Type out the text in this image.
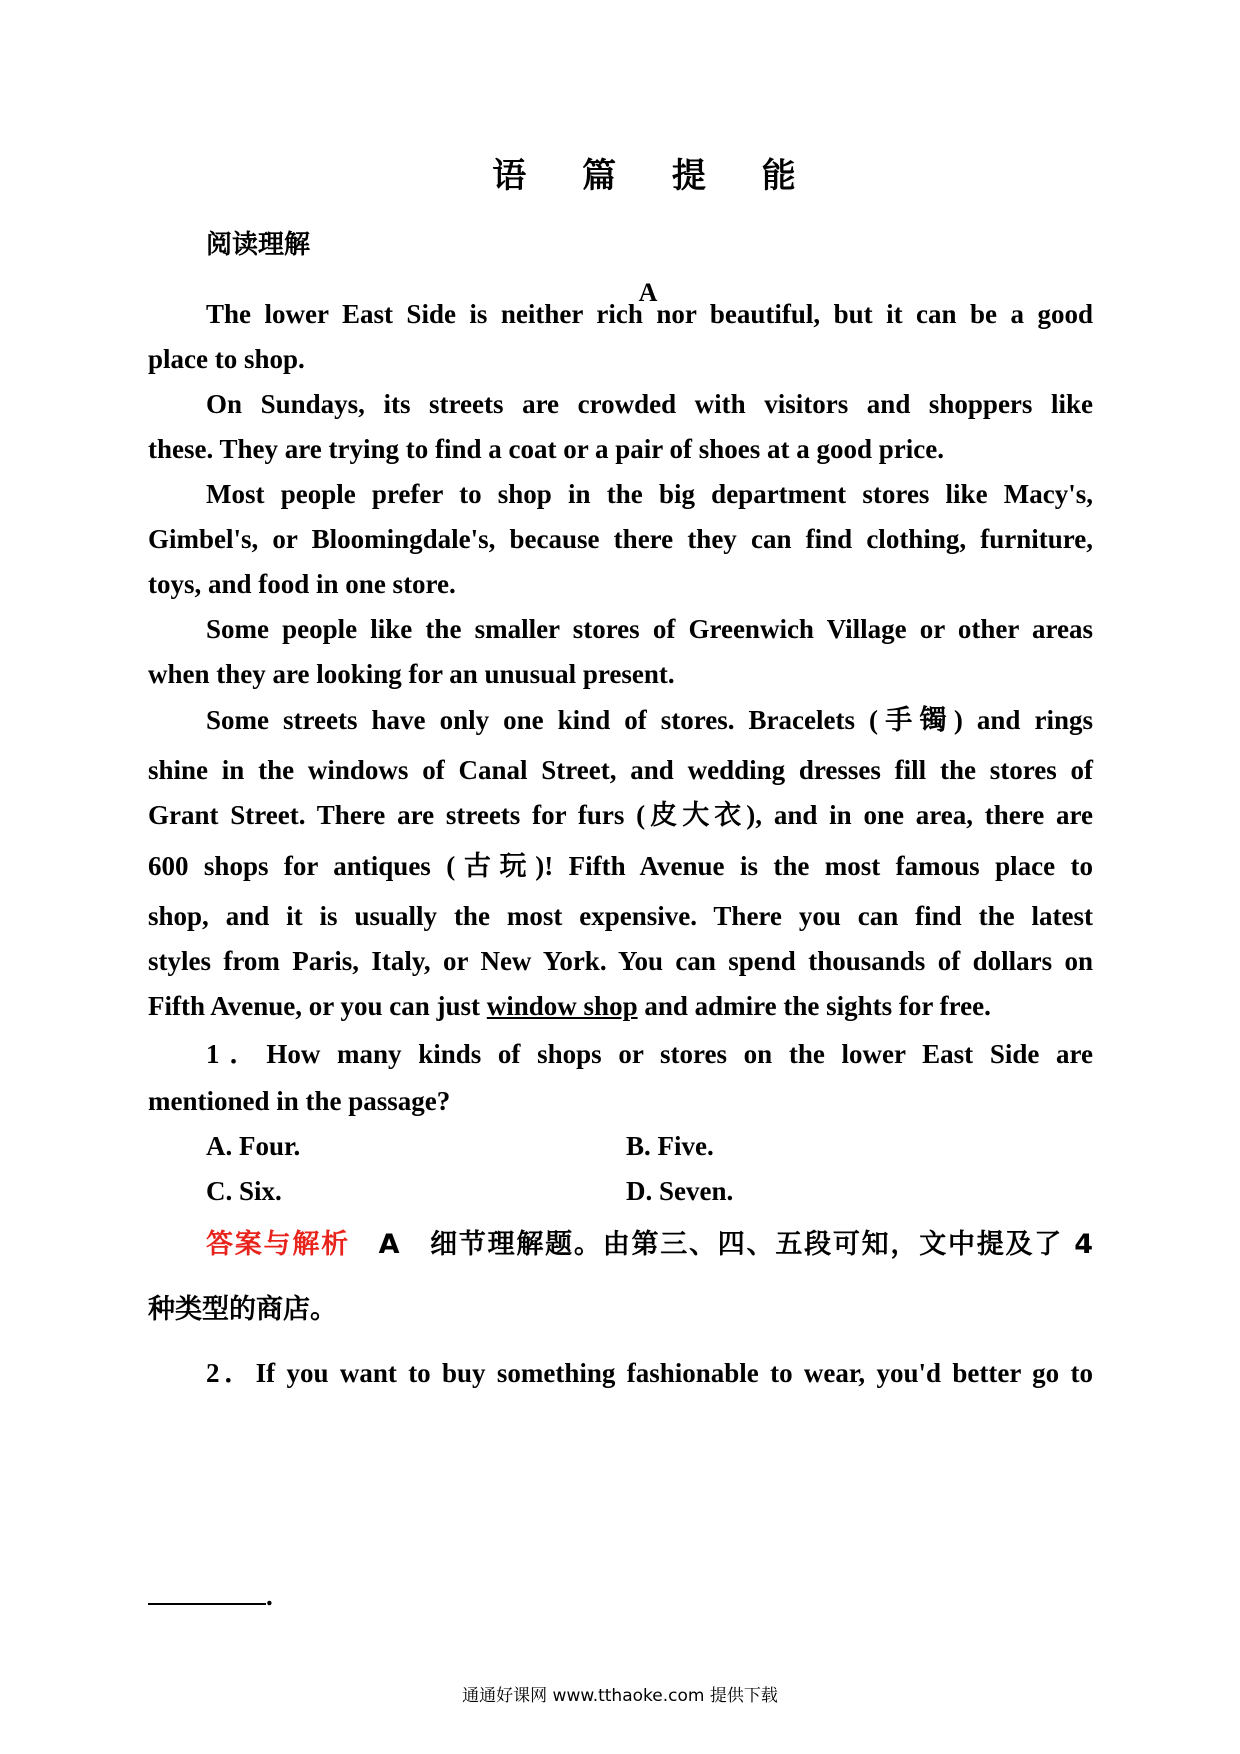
语 篇 提 能
阅读理解
A
The lower East Side is neither rich nor beautiful, but it can be a good
place to shop.
On Sundays, its streets are crowded with visitors and shoppers like
these. They are trying to find a coat or a pair of shoes at a good price.
Most people prefer to shop in the big department stores like Macy's,
Gimbel's, or Bloomingdale's, because there they can find clothing, furniture,
toys, and food in one store.
Some people like the smaller stores of Greenwich Village or other areas
when they are looking for an unusual present.
Some streets have only one kind of stores. Bracelets (手镯) and rings
shine in the windows of Canal Street, and wedding dresses fill the stores of
Grant Street. There are streets for furs (皮大衣), and in one area, there are
600 shops for antiques (古玩)! Fifth Avenue is the most famous place to
shop, and it is usually the most expensive. There you can find the latest
styles from Paris, Italy, or New York. You can spend thousands of dollars on
Fifth Avenue, or you can just window shop and admire the sights for free.
1．How many kinds of shops or stores on the lower East Side are
mentioned in the passage?
A. Four.	B. Five.
C. Six.	D. Seven.
答案与解析　 A　细节理解题。由第三、四、五段可知，文中提及了 4
种类型的商店。
2．If you want to buy something fashionable to wear, you'd better go to
.
通通好课网 www.tthaoke.com 提供下载
